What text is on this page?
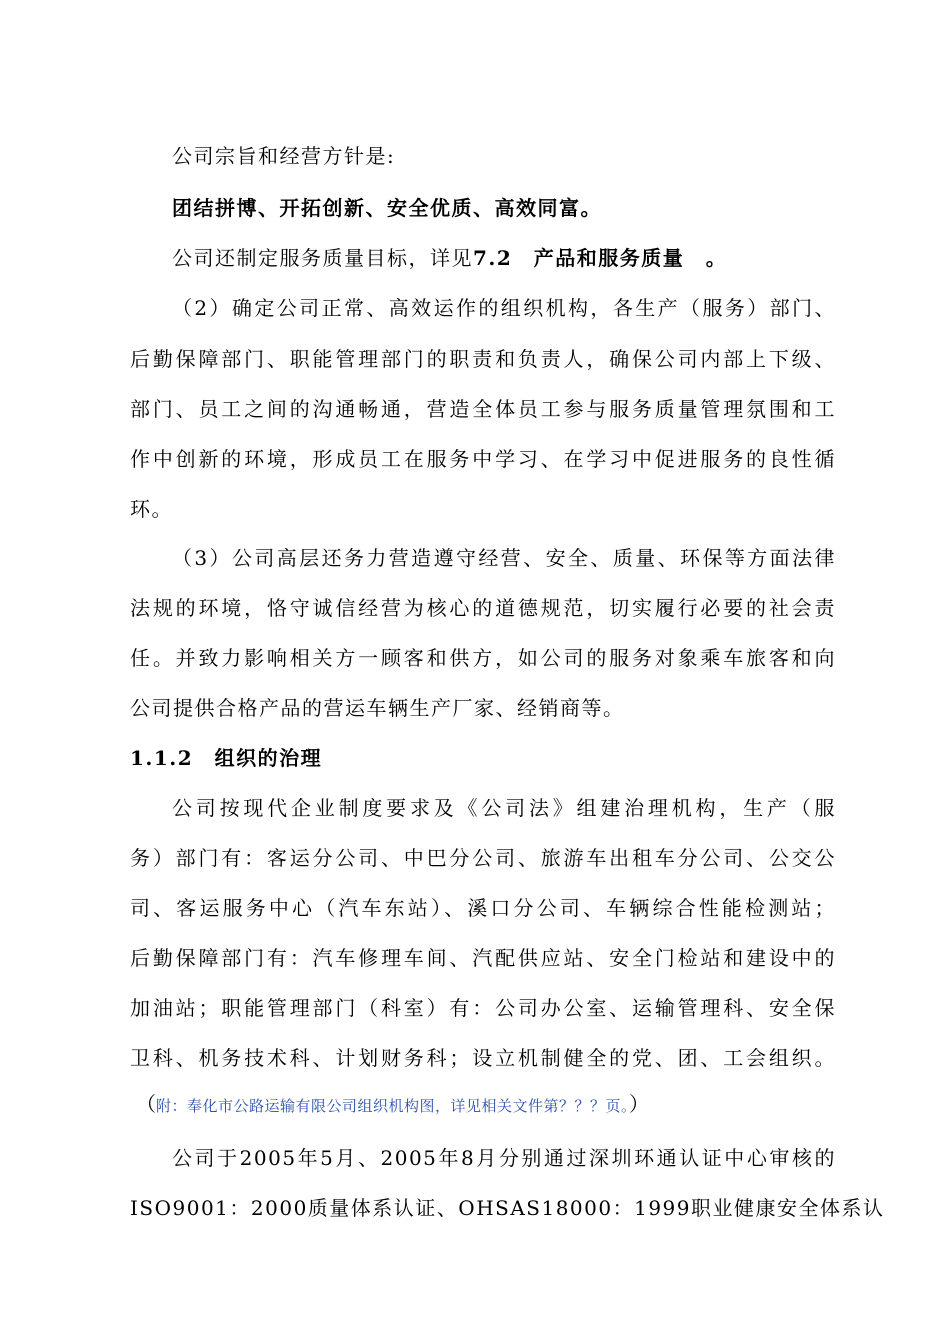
公司宗旨和经营方针是:
团结拼博、开拓创新、安全优质、高效同富。
公司还制定服务质量目标，详见7.2　产品和服务质量　。
（2）确定公司正常、高效运作的组织机构，各生产（服务）部门、
后勤保障部门、职能管理部门的职责和负责人，确保公司内部上下级、
部门、员工之间的沟通畅通，营造全体员工参与服务质量管理氛围和工
作中创新的环境，形成员工在服务中学习、在学习中促进服务的良性循
环。
（3）公司高层还务力营造遵守经营、安全、质量、环保等方面法律
法规的环境，恪守诚信经营为核心的道德规范，切实履行必要的社会责
任。并致力影响相关方一顾客和供方，如公司的服务对象乘车旅客和向
公司提供合格产品的营运车辆生产厂家、经销商等。
1.1.2　组织的治理
公司按现代企业制度要求及《公司法》组建治理机构，生产（服
务）部门有：客运分公司、中巴分公司、旅游车出租车分公司、公交公
司、客运服务中心（汽车东站）、溪口分公司、车辆综合性能检测站；
后勤保障部门有：汽车修理车间、汽配供应站、安全门检站和建设中的
加油站；职能管理部门（科室）有：公司办公室、运输管理科、安全保
卫科、机务技术科、计划财务科；设立机制健全的党、团、工会组织。
（附：奉化市公路运输有限公司组织机构图，详见相关文件第？？？页。）
公司于2005年5月、2005年8月分别通过深圳环通认证中心审核的
ISO9001：2000质量体系认证、OHSAS18000：1999职业健康安全体系认
